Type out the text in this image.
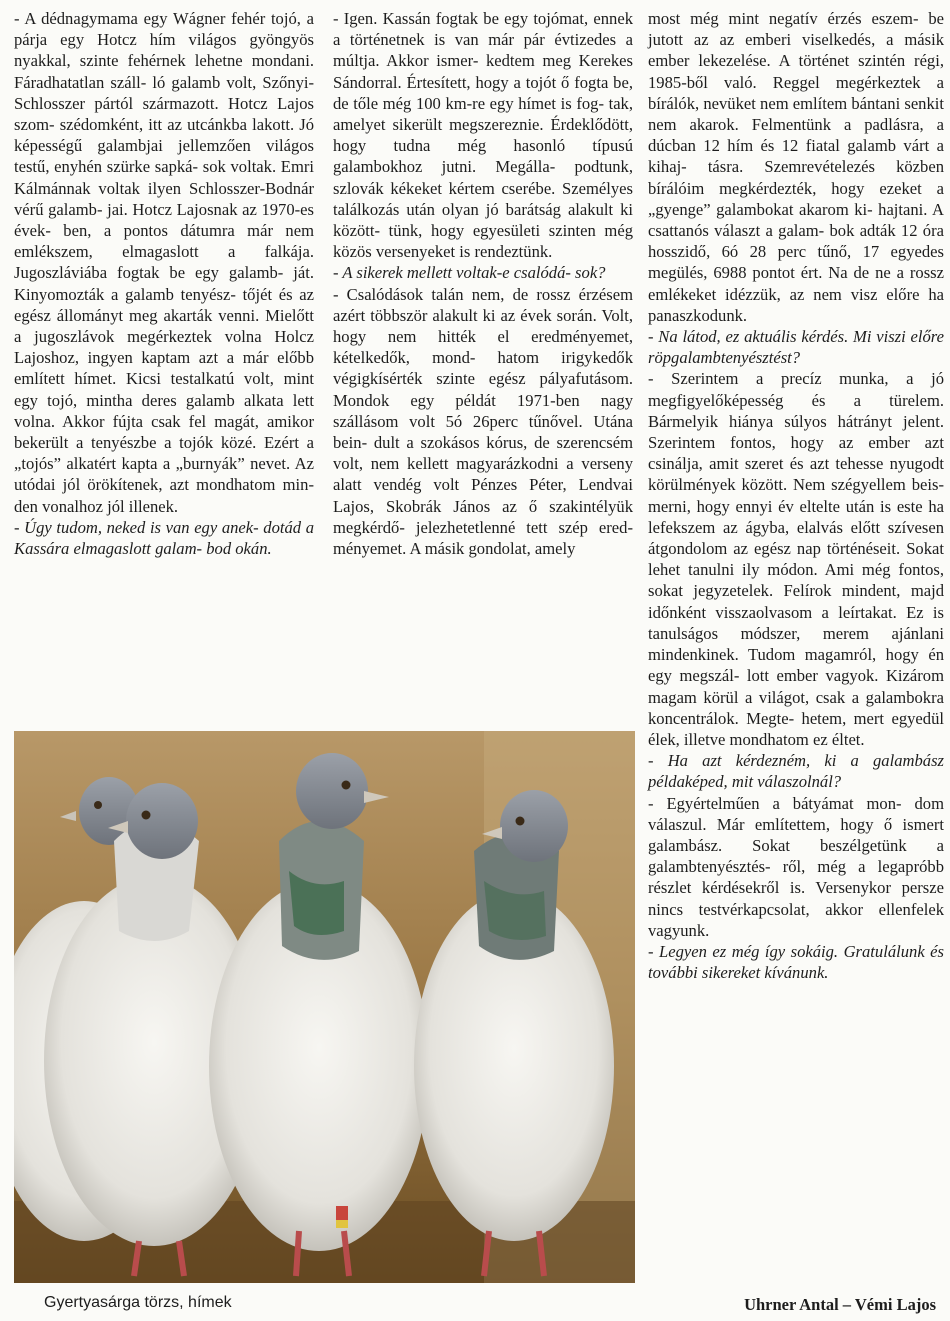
- A dédnagymama egy Wágner fehér tojó, a párja egy Hotcz hím világos gyöngyös nyakkal, szinte fehérnek lehetne mondani. Fáradhatatlan száll- ló galamb volt, Szőnyi-Schlosszer pártól származott. Hotcz Lajos szom- szédomként, itt az utcánkba lakott. Jó képességű galambjai jellemzően világos testű, enyhén szürke sapká- sok voltak. Emri Kálmánnak voltak ilyen Schlosszer-Bodnár vérű galamb- jai. Hotcz Lajosnak az 1970-es évek- ben, a pontos dátumra már nem emlékszem, elmagaslott a falkája. Jugoszláviába fogtak be egy galamb- ját. Kinyomozták a galamb tenyész- tőjét és az egész állományt meg akarták venni. Mielőtt a jugoszlávok megérkeztek volna Holcz Lajoshoz, ingyen kaptam azt a már előbb említett hímet. Kicsi testalkatú volt, mint egy tojó, mintha deres galamb alkata lett volna. Akkor fújta csak fel magát, amikor bekerült a tenyészbe a tojók közé. Ezért a „tojós” alkatért kapta a „burnyák” nevet. Az utódai jól örökítenek, azt mondhatom min- den vonalhoz jól illenek.

- Úgy tudom, neked is van egy anek- dotád a Kassára elmagaslott galam- bod okán.

- Igen. Kassán fogtak be egy tojómat, ennek a történetnek is van már pár évtizedes a múltja. Akkor ismer- kedtem meg Kerekes Sándorral. Értesített, hogy a tojót ő fogta be, de tőle még 100 km-re egy hímet is fog- tak, amelyet sikerült megszereznie. Érdeklődött, hogy tudna még hasonló típusú galambokhoz jutni. Megálla- podtunk, szlovák kékeket kértem cserébe. Személyes találkozás után olyan jó barátság alakult ki között- tünk, hogy egyesületi szinten még közös versenyeket is rendeztünk.

- A sikerek mellett voltak-e csalódá- sok?

- Csalódások talán nem, de rossz érzésem azért többször alakult ki az évek során. Volt, hogy nem hitték el eredményemet, kételkedők, mond- hatom irigykedők végigkísérték szinte egész pályafutásom. Mondok egy példát 1971-ben nagy szállásom volt 5ó 26perc tűnővel. Utána bein- dult a szokásos kórus, de szerencsém volt, nem kellett magyarázkodni a verseny alatt vendég volt Pénzes Péter, Lendvai Lajos, Skobrák János az ő szakintélyük megkérdő- jelezhetetlenné tett szép ered- ményemet. A másik gondolat, amely

most még mint negatív érzés eszem- be jutott az az emberi viselkedés, a másik ember lekezelése. A történet szintén régi, 1985-ből való. Reggel megérkeztek a bírálók, nevüket nem említem bántani senkit nem akarok. Felmentünk a padlásra, a dúcban 12 hím és 12 fiatal galamb várt a kihaj- tásra. Szemrevételezés közben bírálóim megkérdezték, hogy ezeket a „gyenge” galambokat akarom ki- hajtani. A csattanós választ a galam- bok adták 12 óra hosszidő, 6ó 28 perc tűnő, 17 egyedes megülés, 6988 pontot ért. Na de ne a rossz emlékeket idézzük, az nem visz előre ha panaszkodunk.

- Na látod, ez aktuális kérdés. Mi viszi előre röpgalambtenyésztést?

- Szerintem a precíz munka, a jó megfigyelőképesség és a türelem. Bármelyik hiánya súlyos hátrányt jelent. Szerintem fontos, hogy az ember azt csinálja, amit szeret és azt tehesse nyugodt körülmények között. Nem szégyellem beis- merni, hogy ennyi év eltelte után is este ha lefekszem az ágyba, elalvás előtt szívesen átgondolom az egész nap történéseit. Sokat lehet tanulni ily módon. Ami még fontos, sokat jegyzetelek. Felírok mindent, majd időnként visszaolvasom a leírtakat. Ez is tanulságos módszer, merem ajánlani mindenkinek. Tudom magamról, hogy én egy megszál- lott ember vagyok. Kizárom magam körül a világot, csak a galambokra koncentrálok. Megte- hetem, mert egyedül élek, illetve mondhatom ez éltet.

- Ha azt kérdezném, ki a galambász példaképed, mit válaszolnál?

- Egyértelműen a bátyámat mon- dom válaszul. Már említettem, hogy ő ismert galambász. Sokat beszélgetünk a galambtenyésztés- ről, még a legapróbb részlet kérdésekről is. Versenykor persze nincs testvérkapcsolat, akkor ellenfelek vagyunk.

- Legyen ez még így sokáig. Gratulálunk és további sikereket kívánunk.

Gyertyasárga törzs, hímek	Uhrner Antal – Vémi Lajos
